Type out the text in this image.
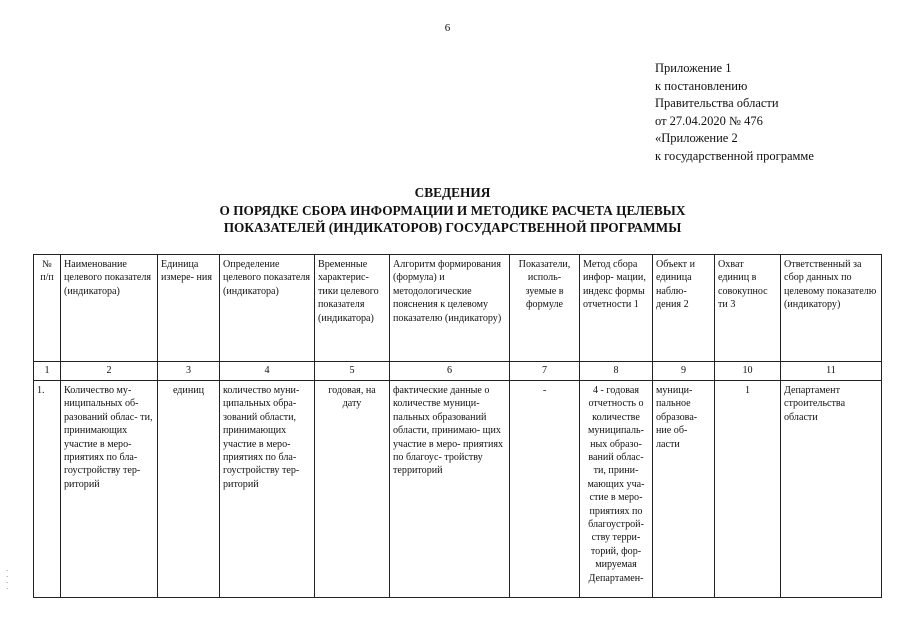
6
Приложение 1
к постановлению
Правительства области
от 27.04.2020 № 476
«Приложение 2
к государственной программе
СВЕДЕНИЯ
О ПОРЯДКЕ СБОРА ИНФОРМАЦИИ И МЕТОДИКЕ РАСЧЕТА ЦЕЛЕВЫХ
ПОКАЗАТЕЛЕЙ (ИНДИКАТОРОВ) ГОСУДАРСТВЕННОЙ ПРОГРАММЫ
№ п/п	Наименование целевого показателя (индикатора)	Единица измере- ния	Определение целевого показателя (индикатора)	Временные характерис- тики целевого показателя (индикатора)	Алгоритм формирования (формула) и методологические пояснения к целевому показателю (индикатору)	Показатели, исполь- зуемые в формуле	Метод сбора инфор- мации, индекс формы отчетности 1	Объект и единица наблю- дения 2	Охват единиц в совокупнос ти 3	Ответственный за сбор данных по целевому показателю (индикатору)
1	2	3	4	5	6	7	8	9	10	11
1.	Количество му- ниципальных об- разований облас- ти, принимающих участие в меро- приятиях по бла- гоустройству тер- риторий	единиц	количество муни- ципальных обра- зований области, принимающих участие в меро- приятиях по бла- гоустройству тер- риторий	годовая, на дату	фактические данные о количестве муници- пальных образований области, принимаю- щих участие в меро- приятиях по благоус- тройству территорий	-	4 - годовая отчетность о количестве муниципаль- ных образо- ваний облас- ти, прини- мающих уча- стие в меро- приятиях по благоустрой- ству терри- торий, фор- мируемая Департамен-	муници- пальное образова- ние об- ласти	1	Департамент строительства области
·
·
·
·
